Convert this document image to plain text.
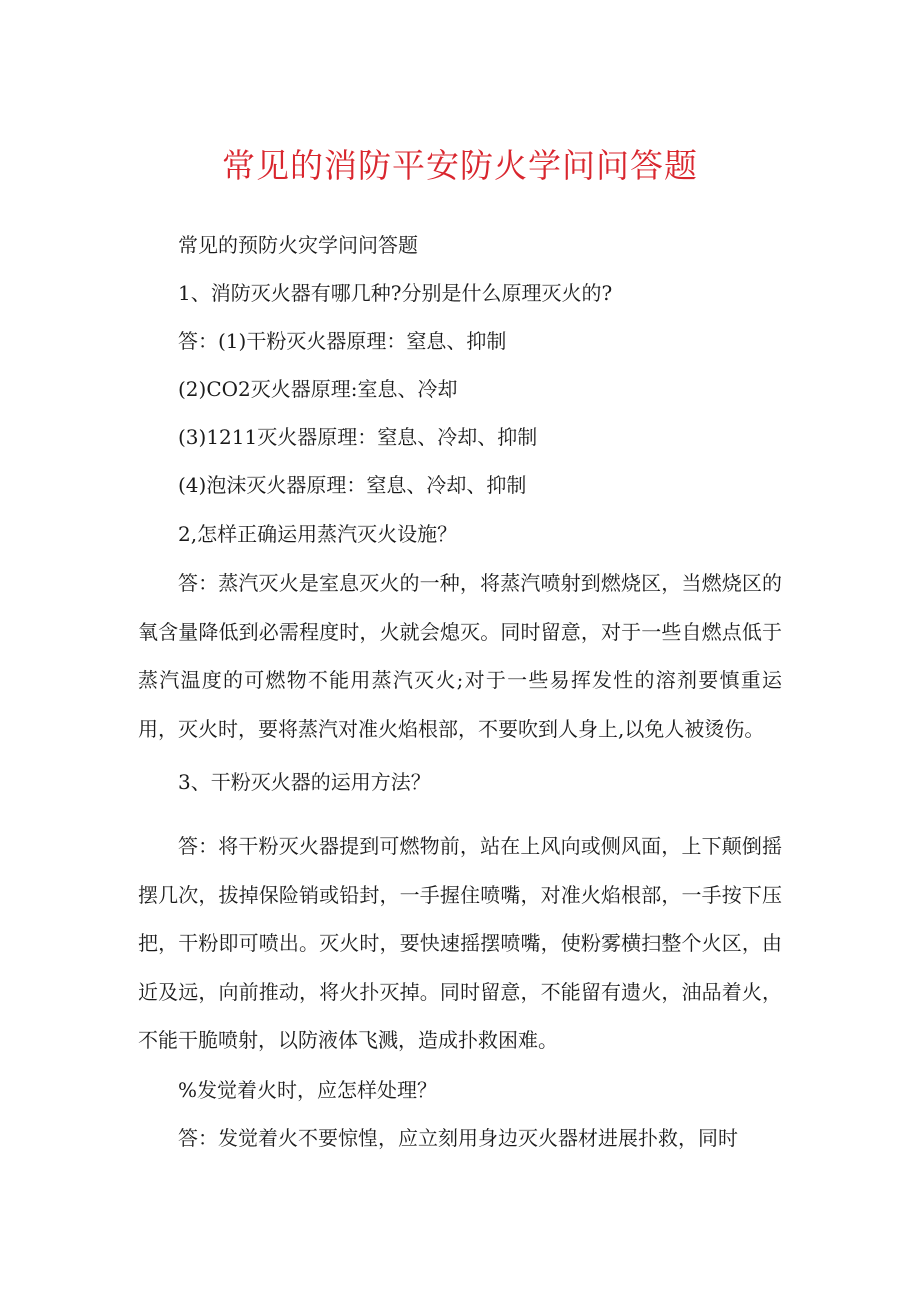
常见的消防平安防火学问问答题

常见的预防火灾学问问答题

1、消防灭火器有哪几种?分别是什么原理灭火的?

答：(1)干粉灭火器原理：窒息、抑制

(2)CO2灭火器原理:室息、冷却

(3)1211灭火器原理：窒息、冷却、抑制

(4)泡沫灭火器原理：窒息、冷却、抑制

2,怎样正确运用蒸汽灭火设施？

答：蒸汽灭火是室息灭火的一种，将蒸汽喷射到燃烧区，当燃烧区的氧含量降低到必需程度时，火就会熄灭。同时留意，对于一些自燃点低于蒸汽温度的可燃物不能用蒸汽灭火;对于一些易挥发性的溶剂要慎重运用，灭火时，要将蒸汽对准火焰根部，不要吹到人身上,以免人被烫伤。

3、干粉灭火器的运用方法？

答：将干粉灭火器提到可燃物前，站在上风向或侧风面，上下颠倒摇摆几次，拔掉保险销或铅封，一手握住喷嘴，对准火焰根部，一手按下压把，干粉即可喷出。灭火时，要快速摇摆喷嘴，使粉雾横扫整个火区，由近及远，向前推动，将火扑灭掉。同时留意，不能留有遗火，油品着火，不能干脆喷射，以防液体飞溅，造成扑救困难。

%发觉着火时，应怎样处理？

答：发觉着火不要惊惶，应立刻用身边灭火器材进展扑救，同时
